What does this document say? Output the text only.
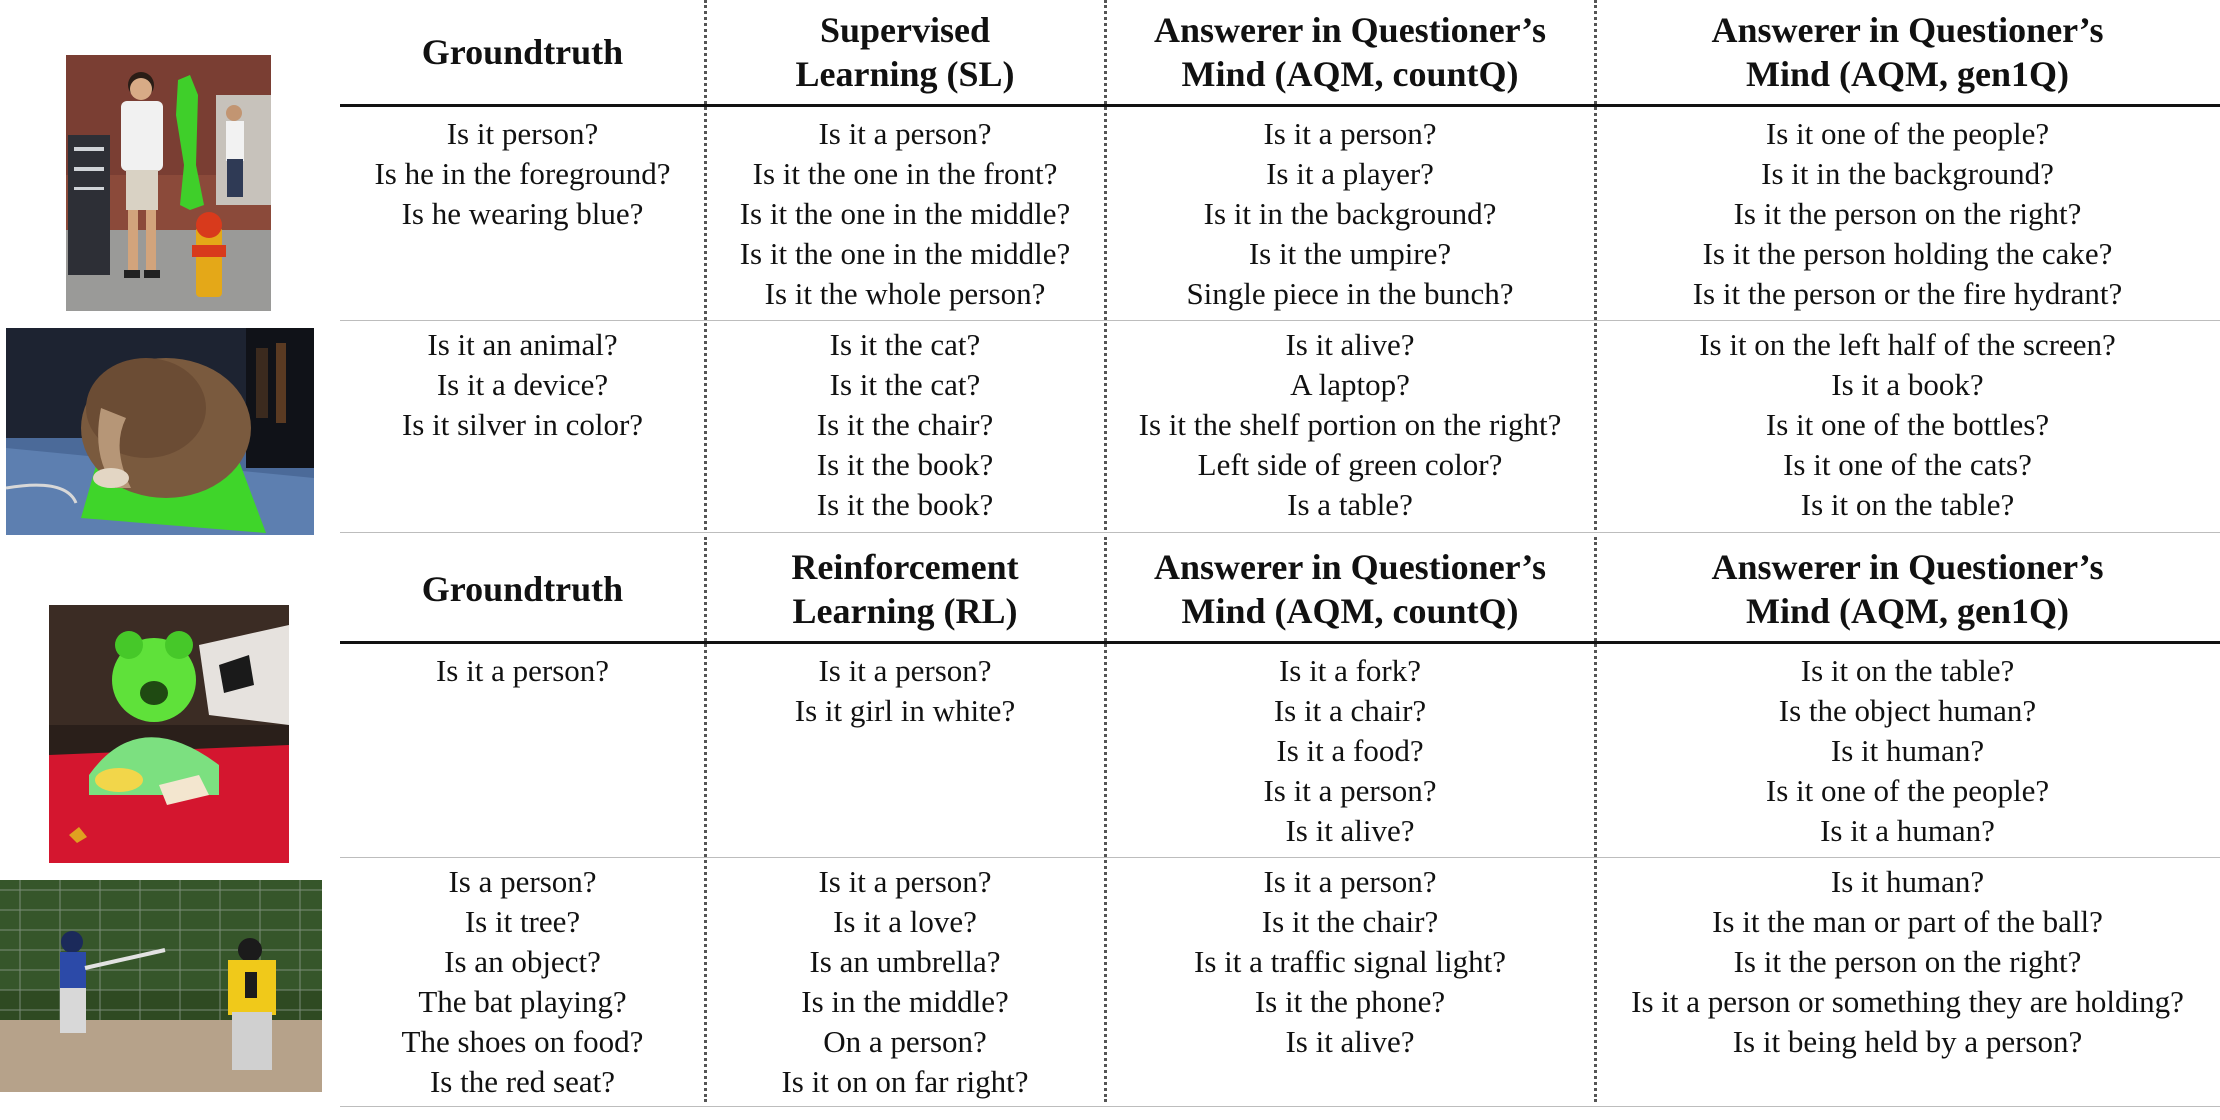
Groundtruth
Supervised
Learning (SL)
Answerer in Questioner’s
Mind (AQM, countQ)
Answerer in Questioner’s
Mind (AQM, gen1Q)
Is it person?
Is he in the foreground?
Is he wearing blue?
Is it a person?
Is it the one in the front?
Is it the one in the middle?
Is it the one in the middle?
Is it the whole person?
Is it a person?
Is it a player?
Is it in the background?
Is it the umpire?
Single piece in the bunch?
Is it one of the people?
Is it in the background?
Is it the person on the right?
Is it the person holding the cake?
Is it the person or the fire hydrant?
Is it an animal?
Is it a device?
Is it silver in color?
Is it the cat?
Is it the cat?
Is it the chair?
Is it the book?
Is it the book?
Is it alive?
A laptop?
Is it the shelf portion on the right?
Left side of green color?
Is a table?
Is it on the left half of the screen?
Is it a book?
Is it one of the bottles?
Is it one of the cats?
Is it on the table?
Groundtruth
Reinforcement
Learning (RL)
Answerer in Questioner’s
Mind (AQM, countQ)
Answerer in Questioner’s
Mind (AQM, gen1Q)
Is it a person?	Is it a person?
Is it girl in white?
Is it a fork?
Is it a chair?
Is it a food?
Is it a person?
Is it alive?
Is it on the table?
Is the object human?
Is it human?
Is it one of the people?
Is it a human?
Is a person?
Is it tree?
Is an object?
The bat playing?
The shoes on food?
Is the red seat?
Is it a person?
Is it a love?
Is an umbrella?
Is in the middle?
On a person?
Is it on on far right?
Is it a person?
Is it the chair?
Is it a traffic signal light?
Is it the phone?
Is it alive?
Is it human?
Is it the man or part of the ball?
Is it the person on the right?
Is it a person or something they are holding?
Is it being held by a person?
